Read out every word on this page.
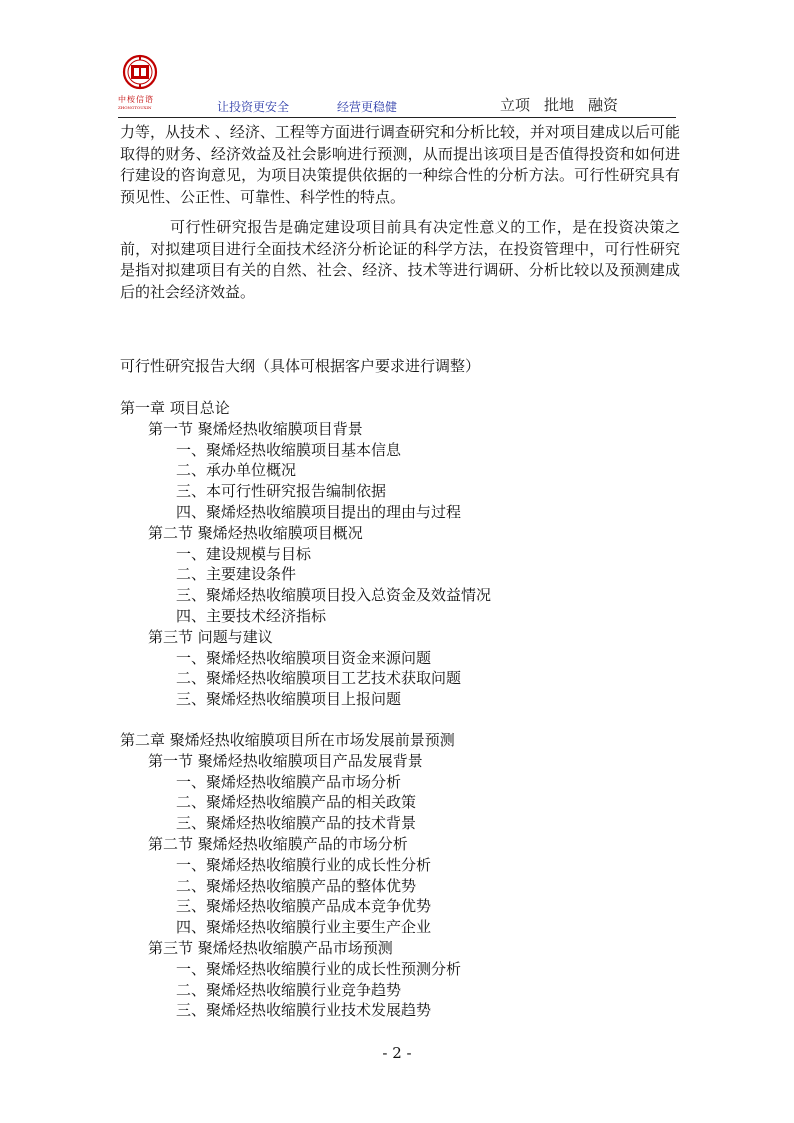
中桉信谘
ZHONGTOUXIN	让投资更安全	经营更稳健	立项 批地 融资
力等，从技术 、经济、工程等方面进行调查研究和分析比较，并对项目建成以后可能取得的财务、经济效益及社会影响进行预测，从而提出该项目是否值得投资和如何进行建设的咨询意见，为项目决策提供依据的一种综合性的分析方法。可行性研究具有预见性、公正性、可靠性、科学性的特点。
可行性研究报告是确定建设项目前具有决定性意义的工作，是在投资决策之前，对拟建项目进行全面技术经济分析论证的科学方法，在投资管理中，可行性研究是指对拟建项目有关的自然、社会、经济、技术等进行调研、分析比较以及预测建成后的社会经济效益。
可行性研究报告大纲（具体可根据客户要求进行调整）
第一章 项目总论
第一节 聚烯烃热收缩膜项目背景
一、聚烯烃热收缩膜项目基本信息
二、承办单位概况
三、本可行性研究报告编制依据
四、聚烯烃热收缩膜项目提出的理由与过程
第二节 聚烯烃热收缩膜项目概况
一、建设规模与目标
二、主要建设条件
三、聚烯烃热收缩膜项目投入总资金及效益情况
四、主要技术经济指标
第三节 问题与建议
一、聚烯烃热收缩膜项目资金来源问题
二、聚烯烃热收缩膜项目工艺技术获取问题
三、聚烯烃热收缩膜项目上报问题
第二章 聚烯烃热收缩膜项目所在市场发展前景预测
第一节 聚烯烃热收缩膜项目产品发展背景
一、聚烯烃热收缩膜产品市场分析
二、聚烯烃热收缩膜产品的相关政策
三、聚烯烃热收缩膜产品的技术背景
第二节 聚烯烃热收缩膜产品的市场分析
一、聚烯烃热收缩膜行业的成长性分析
二、聚烯烃热收缩膜产品的整体优势
三、聚烯烃热收缩膜产品成本竞争优势
四、聚烯烃热收缩膜行业主要生产企业
第三节 聚烯烃热收缩膜产品市场预测
一、聚烯烃热收缩膜行业的成长性预测分析
二、聚烯烃热收缩膜行业竞争趋势
三、聚烯烃热收缩膜行业技术发展趋势
- 2 -
